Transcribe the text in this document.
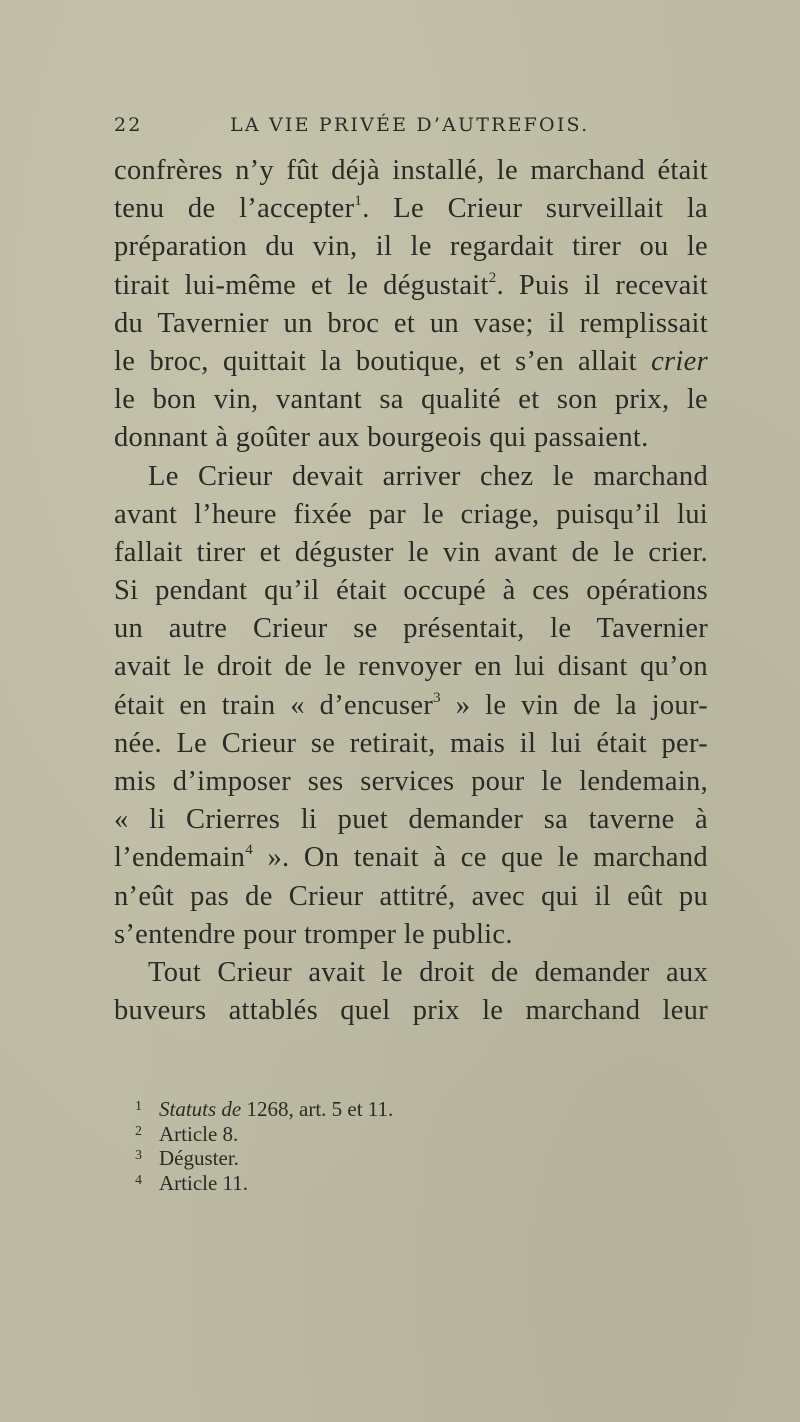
22	LA VIE PRIVÉE D’AUTREFOIS.
confrères n’y fût déjà installé, le marchand était
tenu de l’accepter$^1$. Le Crieur surveillait la
préparation du vin, il le regardait tirer ou le
tirait lui-même et le dégustait$^2$. Puis il recevait
du Tavernier un broc et un vase; il remplissait
le broc, quittait la boutique, et s’en allait crier
le bon vin, vantant sa qualité et son prix, le
donnant à goûter aux bourgeois qui passaient.
Le Crieur devait arriver chez le marchand
avant l’heure fixée par le criage, puisqu’il lui
fallait tirer et déguster le vin avant de le crier.
Si pendant qu’il était occupé à ces opérations
un autre Crieur se présentait, le Tavernier
avait le droit de le renvoyer en lui disant qu’on
était en train « d’encuser$^3$ » le vin de la jour-
née. Le Crieur se retirait, mais il lui était per-
mis d’imposer ses services pour le lendemain,
« li Crierres li puet demander sa taverne à
l’endemain$^4$ ». On tenait à ce que le marchand
n’eût pas de Crieur attitré, avec qui il eût pu
s’entendre pour tromper le public.
Tout Crieur avait le droit de demander aux
buveurs attablés quel prix le marchand leur
1 Statuts de 1268, art. 5 et 11.
2 Article 8.
3 Déguster.
4 Article 11.
